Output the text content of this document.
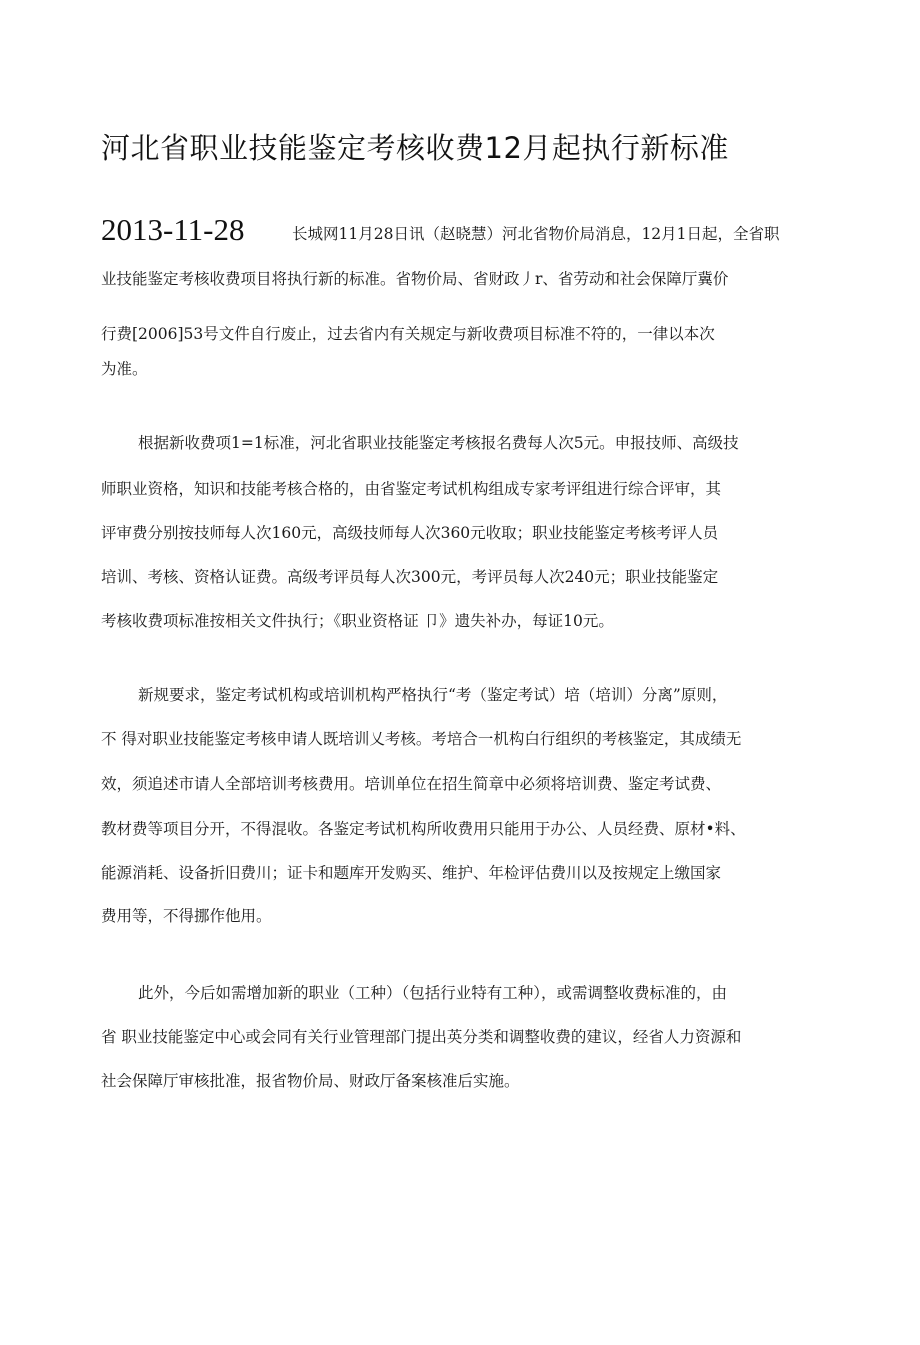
河北省职业技能鉴定考核收费12月起执行新标准
2013-11-28	长城网11月28日讯（赵晓慧）河北省物价局消息，12月1日起，全省职
业技能鉴定考核收费项目将执行新的标准。省物价局、省财政丿r、省劳动和社会保障厅冀价
行费[2006]53号文件自行废止，过去省内有关规定与新收费项目标准不符的，一律以本次
为准。
根据新收费项1=1标准，河北省职业技能鉴定考核报名费每人次5元。申报技师、高级技
师职业资格，知识和技能考核合格的，由省鉴定考试机构组成专家考评组进行综合评审，其
评审费分别按技师每人次160元，高级技师每人次360元收取；职业技能鉴定考核考评人员
培训、考核、资格认证费。高级考评员每人次300元，考评员每人次240元；职业技能鉴定
考核收费项标准按相关文件执行；《职业资格证 卩》遗失补办，每证10元。
新规要求，鉴定考试机构或培训机构严格执行“考（鉴定考试）培（培训）分离”原则，
不 得对职业技能鉴定考核申请人既培训乂考核。考培合一机构白行组织的考核鉴定，其成绩无
效，须追述市请人全部培训考核费用。培训单位在招生简章中必须将培训费、鉴定考试费、
教材费等项目分开，不得混收。各鉴定考试机构所收费用只能用于办公、人员经费、原材•料、
能源消耗、设备折旧费川；证卡和题库开发购买、维护、年检评估费川以及按规定上缴国家
费用等，不得挪作他用。
此外，今后如需增加新的职业（工种）（包括行业特有工种），或需调整收费标准的，由
省 职业技能鉴定中心或会同有关行业管理部门提出英分类和调整收费的建议，经省人力资源和
社会保障厅审核批准，报省物价局、财政厅备案核准后实施。
